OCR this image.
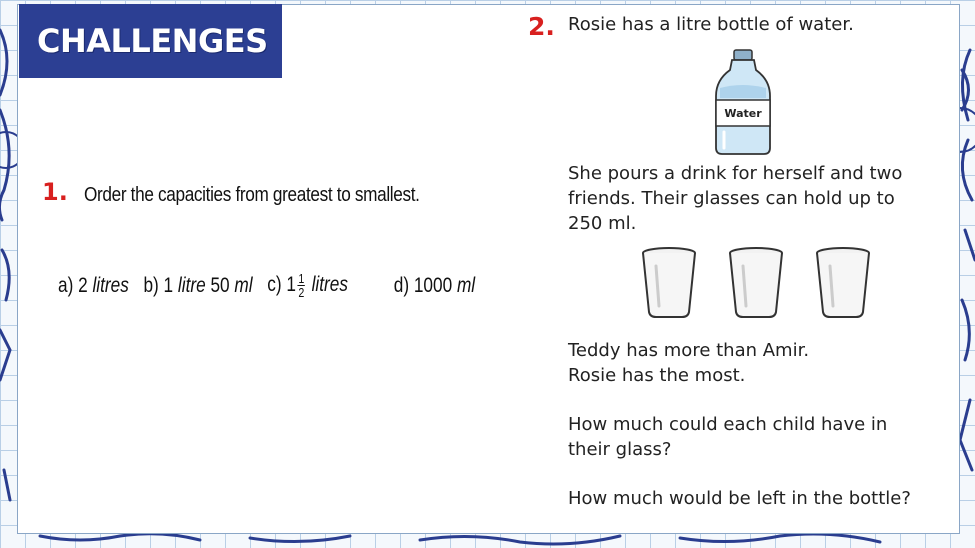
CHALLENGES
1. Order the capacities from greatest to smallest.
a) 2 litres b) 1 litre 50 ml c) $1 \frac{1}{2}$ litres d) 1000 ml
2. Rosie has a litre bottle of water.
Water
She pours a drink for herself and two friends. Their glasses can hold up to 250 ml.
Teddy has more than Amir.
Rosie has the most.
How much could each child have in their glass?
How much would be left in the bottle?
